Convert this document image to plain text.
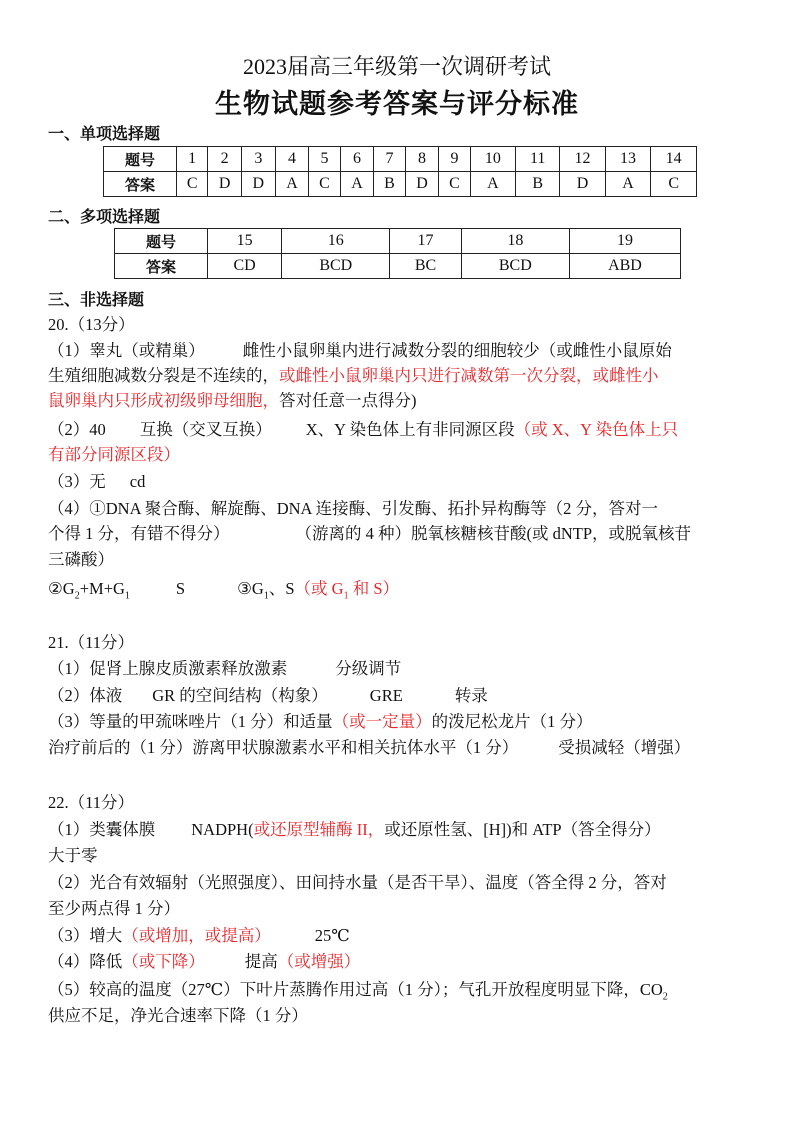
2023届高三年级第一次调研考试
生物试题参考答案与评分标准
一、单项选择题
题号	1	2	3	4	5	6	7	8	9	10	11	12	13	14
答案	C	D	D	A	C	A	B	D	C	A	B	D	A	C
二、多项选择题
题号	15	16	17	18	19
答案	CD	BCD	BC	BCD	ABD
三、非选择题
20.（13分）
（1）睾丸（或精巢） 雌性小鼠卵巢内进行减数分裂的细胞较少（或雌性小鼠原始
生殖细胞减数分裂是不连续的，或雌性小鼠卵巢内只进行减数第一次分裂，或雌性小
鼠卵巢内只形成初级卵母细胞，答对任意一点得分)
（2）40 互换（交叉互换） X、Y 染色体上有非同源区段（或 X、Y 染色体上只
有部分同源区段）
（3）无 cd
（4）①DNA 聚合酶、解旋酶、DNA 连接酶、引发酶、拓扑异构酶等（2 分，答对一
个得 1 分，有错不得分）	（游离的 4 种）脱氧核糖核苷酸(或 dNTP，或脱氧核苷
三磷酸）
$②G_2+M+G_1$	S	$③G_1$、S（或 $G_1$ 和 S）
21.（11分）
（1）促肾上腺皮质激素释放激素	分级调节
（2）体液 GR 的空间结构（构象）	GRE	转录
（3）等量的甲巯咪唑片（1 分）和适量（或一定量）的泼尼松龙片（1 分）
治疗前后的（1 分）游离甲状腺激素水平和相关抗体水平（1 分） 受损减轻（增强）
22.（11分）
（1）类囊体膜 NADPH(或还原型辅酶 II，或还原性氢、[H])和 ATP（答全得分）
大于零
（2）光合有效辐射（光照强度）、田间持水量（是否干旱）、温度（答全得 2 分，答对
至少两点得 1 分）
（3）增大（或增加，或提高）	25℃
（4）降低（或下降） 提高（或增强）
（5）较高的温度（27℃）下叶片蒸腾作用过高（1 分）；气孔开放程度明显下降，$CO_2$
供应不足，净光合速率下降（1 分）
